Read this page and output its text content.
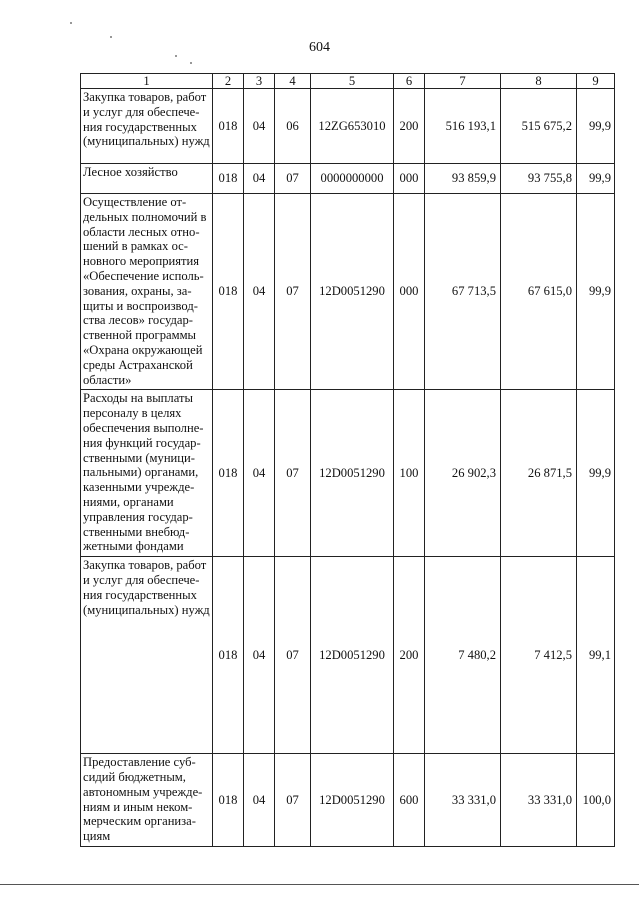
604
1	2	3	4	5	6	7	8	9
Закупка товаров, работ и услуг для обеспече-ния государственных (муниципальных) нужд	018	04	06	12ZG653010	200	516 193,1	515 675,2	99,9
Лесное хозяйство	018	04	07	0000000000	000	93 859,9	93 755,8	99,9
Осуществление от-дельных полномочий в области лесных отно-шений в рамках ос-новного мероприятия «Обеспечение исполь-зования, охраны, за-щиты и воспроизвод-ства лесов» государ-ственной программы «Охрана окружающей среды Астраханской области»	018	04	07	12D0051290	000	67 713,5	67 615,0	99,9
Расходы на выплаты персоналу в целях обеспечения выполне-ния функций государ-ственными (муници-пальными) органами, казенными учрежде-ниями, органами управления государ-ственными внебюд-жетными фондами	018	04	07	12D0051290	100	26 902,3	26 871,5	99,9
Закупка товаров, работ и услуг для обеспече-ния государственных (муниципальных) нужд	018	04	07	12D0051290	200	7 480,2	7 412,5	99,1
Предоставление суб-сидий бюджетным, автономным учрежде-ниям и иным неком-мерческим организа-циям	018	04	07	12D0051290	600	33 331,0	33 331,0	100,0
